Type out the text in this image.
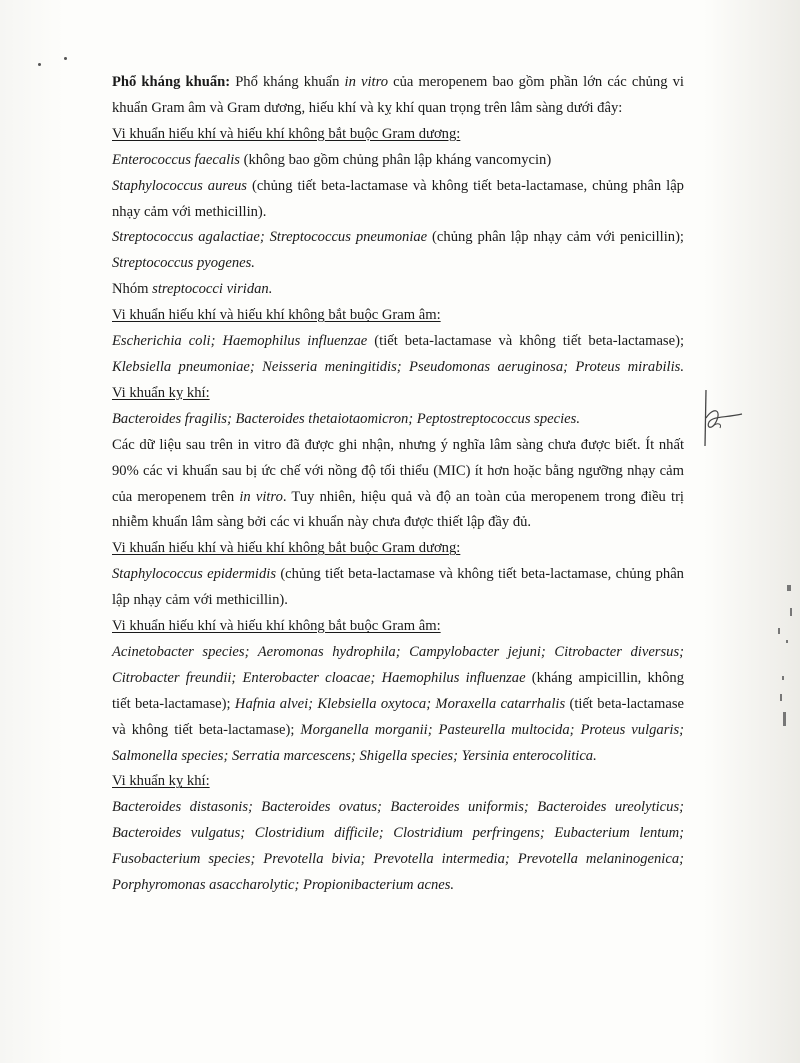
Phổ kháng khuẩn: Phổ kháng khuẩn in vitro của meropenem bao gồm phần lớn các chủng vi khuẩn Gram âm và Gram dương, hiếu khí và kỵ khí quan trọng trên lâm sàng dưới đây:

Vi khuẩn hiếu khí và hiếu khí không bắt buộc Gram dương:

Enterococcus faecalis (không bao gồm chủng phân lập kháng vancomycin)

Staphylococcus aureus (chủng tiết beta-lactamase và không tiết beta-lactamase, chủng phân lập nhạy cảm với methicillin).

Streptococcus agalactiae; Streptococcus pneumoniae (chủng phân lập nhạy cảm với penicillin); Streptococcus pyogenes.

Nhóm streptococci viridan.

Vi khuẩn hiếu khí và hiếu khí không bắt buộc Gram âm:

Escherichia coli; Haemophilus influenzae (tiết beta-lactamase và không tiết beta-lactamase);

Klebsiella pneumoniae; Neisseria meningitidis; Pseudomonas aeruginosa; Proteus mirabilis.

Vi khuẩn kỵ khí:

Bacteroides fragilis; Bacteroides thetaiotaomicron; Peptostreptococcus species.

Các dữ liệu sau trên in vitro đã được ghi nhận, nhưng ý nghĩa lâm sàng chưa được biết. Ít nhất 90% các vi khuẩn sau bị ức chế với nồng độ tối thiểu (MIC) ít hơn hoặc bằng ngưỡng nhạy cảm của meropenem trên in vitro. Tuy nhiên, hiệu quả và độ an toàn của meropenem trong điều trị nhiễm khuẩn lâm sàng bởi các vi khuẩn này chưa được thiết lập đầy đủ.

Vi khuẩn hiếu khí và hiếu khí không bắt buộc Gram dương:

Staphylococcus epidermidis (chủng tiết beta-lactamase và không tiết beta-lactamase, chủng phân lập nhạy cảm với methicillin).

Vi khuẩn hiếu khí và hiếu khí không bắt buộc Gram âm:

Acinetobacter species; Aeromonas hydrophila; Campylobacter jejuni; Citrobacter diversus; Citrobacter freundii; Enterobacter cloacae; Haemophilus influenzae (kháng ampicillin, không tiết beta-lactamase); Hafnia alvei; Klebsiella oxytoca; Moraxella catarrhalis (tiết beta-lactamase và không tiết beta-lactamase); Morganella morganii; Pasteurella multocida; Proteus vulgaris; Salmonella species; Serratia marcescens; Shigella species; Yersinia enterocolitica.

Vi khuẩn kỵ khí:

Bacteroides distasonis; Bacteroides ovatus; Bacteroides uniformis; Bacteroides ureolyticus; Bacteroides vulgatus; Clostridium difficile; Clostridium perfringens; Eubacterium lentum; Fusobacterium species; Prevotella bivia; Prevotella intermedia; Prevotella melaninogenica; Porphyromonas asaccharolytic; Propionibacterium acnes.
